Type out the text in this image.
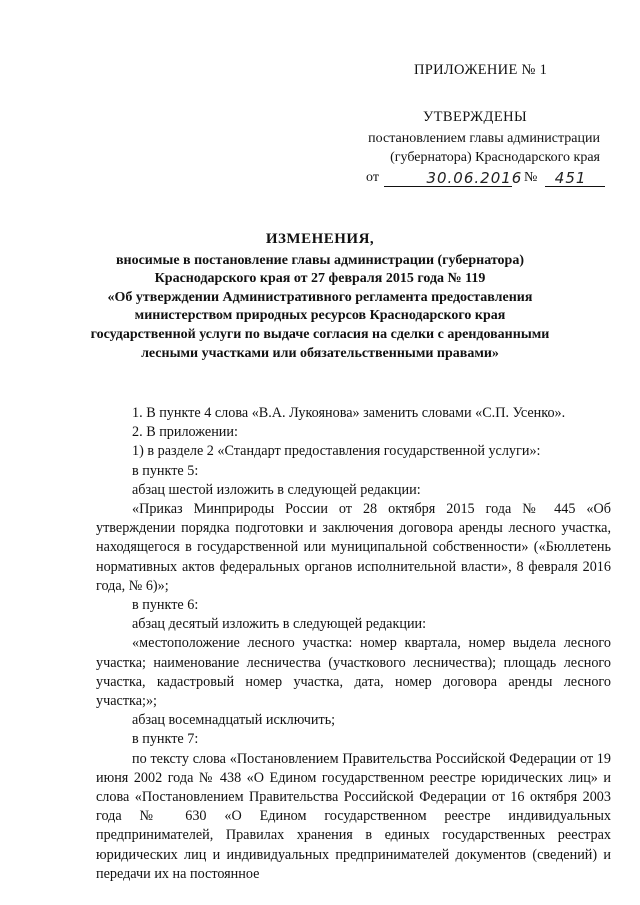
ПРИЛОЖЕНИЕ № 1
УТВЕРЖДЕНЫ
постановлением главы администрации
(губернатора) Краснодарского края
от	30.06.2016 № 451
ИЗМЕНЕНИЯ,
вносимые в постановление главы администрации (губернатора)
Краснодарского края от 27 февраля 2015 года № 119
«Об утверждении Административного регламента предоставления
министерством природных ресурсов Краснодарского края
государственной услуги по выдаче согласия на сделки с арендованными
лесными участками или обязательственными правами»
1. В пункте 4 слова «В.А. Лукоянова» заменить словами «С.П. Усенко».
2. В приложении:
1) в разделе 2 «Стандарт предоставления государственной услуги»:
в пункте 5:
абзац шестой изложить в следующей редакции:
«Приказ Минприроды России от 28 октября 2015 года № 445 «Об утверждении порядка подготовки и заключения договора аренды лесного участка, находящегося в государственной или муниципальной собственности» («Бюллетень нормативных актов федеральных органов исполнительной власти», 8 февраля 2016 года, № 6)»;
в пункте 6:
абзац десятый изложить в следующей редакции:
«местоположение лесного участка: номер квартала, номер выдела лесного участка; наименование лесничества (участкового лесничества); площадь лесного участка, кадастровый номер участка, дата, номер договора аренды лесного участка;»;
абзац восемнадцатый исключить;
в пункте 7:
по тексту слова «Постановлением Правительства Российской Федерации от 19 июня 2002 года № 438 «О Едином государственном реестре юридических лиц» и слова «Постановлением Правительства Российской Федерации от 16 октября 2003 года № 630 «О Едином государственном реестре индивидуальных предпринимателей, Правилах хранения в единых государственных реестрах юридических лиц и индивидуальных предпринимателей документов (сведений) и передачи их на постоянное
